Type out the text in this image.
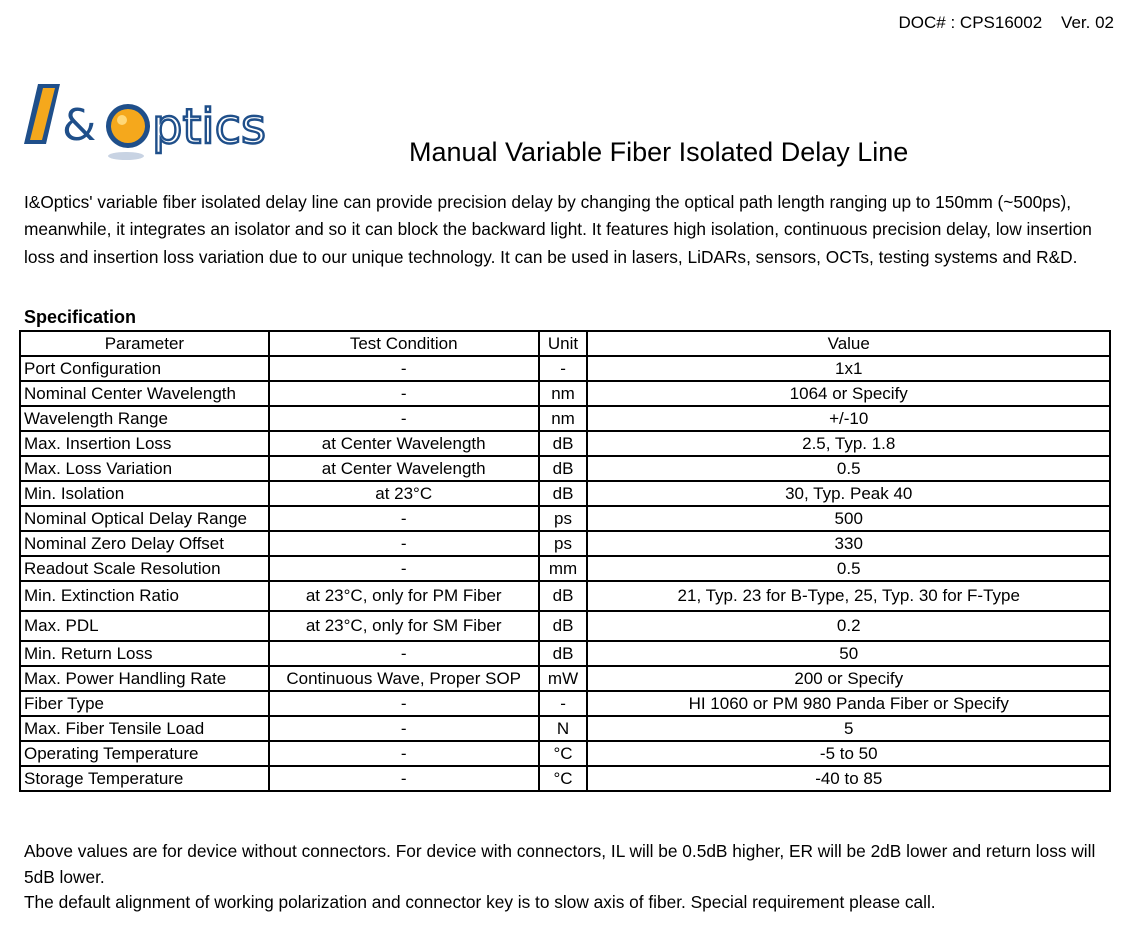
DOC# : CPS16002    Ver. 02
& ptics	Manual Variable Fiber Isolated Delay Line

I&Optics' variable fiber isolated delay line can provide precision delay by changing the optical path length ranging up to 150mm (~500ps), meanwhile, it integrates an isolator and so it can block the backward light. It features high isolation, continuous precision delay, low insertion loss and insertion loss variation due to our unique technology. It can be used in lasers, LiDARs, sensors, OCTs, testing systems and R&D.

Specification
Parameter	Test Condition	Unit	Value
Port Configuration	-	-	1x1
Nominal Center Wavelength	-	nm	1064 or Specify
Wavelength Range	-	nm	+/-10
Max. Insertion Loss	at Center Wavelength	dB	2.5, Typ. 1.8
Max. Loss Variation	at Center Wavelength	dB	0.5
Min. Isolation	at 23°C	dB	30, Typ. Peak 40
Nominal Optical Delay Range	-	ps	500
Nominal Zero Delay Offset	-	ps	330
Readout Scale Resolution	-	mm	0.5
Min. Extinction Ratio	at 23°C, only for PM Fiber	dB	21, Typ. 23 for B-Type, 25, Typ. 30 for F-Type
Max. PDL	at 23°C, only for SM Fiber	dB	0.2
Min. Return Loss	-	dB	50
Max. Power Handling Rate	Continuous Wave, Proper SOP	mW	200 or Specify
Fiber Type	-	-	HI 1060 or PM 980 Panda Fiber or Specify
Max. Fiber Tensile Load	-	N	5
Operating Temperature	-	°C	-5 to 50
Storage Temperature	-	°C	-40 to 85

Above values are for device without connectors. For device with connectors, IL will be 0.5dB higher, ER will be 2dB lower and return loss will 5dB lower.

The default alignment of working polarization and connector key is to slow axis of fiber. Special requirement please call.
